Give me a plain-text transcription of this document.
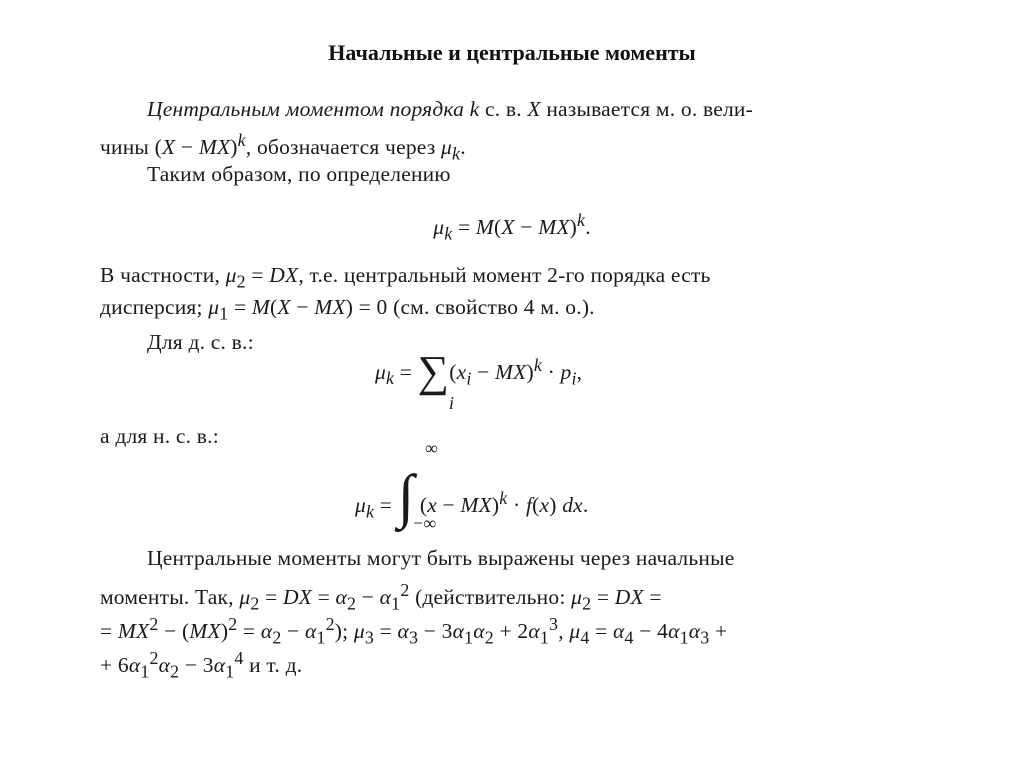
Начальные и центральные моменты
Центральным моментом порядка k с. в. X называется м. о. вели-
чины (X − MX)$^k$, обозначается через $\mu_k$.
Таким образом, по определению
$\mu_k = M(X - MX)^k$.
В частности, $\mu_2$ = DX, т.е. центральный момент 2-го порядка есть
дисперсия; $\mu_1 = M(X - MX) = 0$ (см. свойство 4 м. о.).
Для д. с. в.:
$\mu_k = \sum(x_i - MX)^k \cdot p_i$,
i
а для н. с. в.:	∞
$\mu_k$ = ∫ (x − MX)$^k$ · f(x) dx.
−∞
Центральные моменты могут быть выражены через начальные
моменты. Так, $\mu_2$ = DX = $\alpha_2 - \alpha_1^2$ (действительно: $\mu_2$ = DX =
= $MX^2 - (MX)^2 = \alpha_2 - \alpha_1^2$); $\mu_3 = \alpha_3 - 3\alpha_1\alpha_2 + 2\alpha_1^3$, $\mu_4 = \alpha_4 - 4\alpha_1\alpha_3$ +
+ $6\alpha_1^2\alpha_2 - 3\alpha_1^4$ и т. д.
